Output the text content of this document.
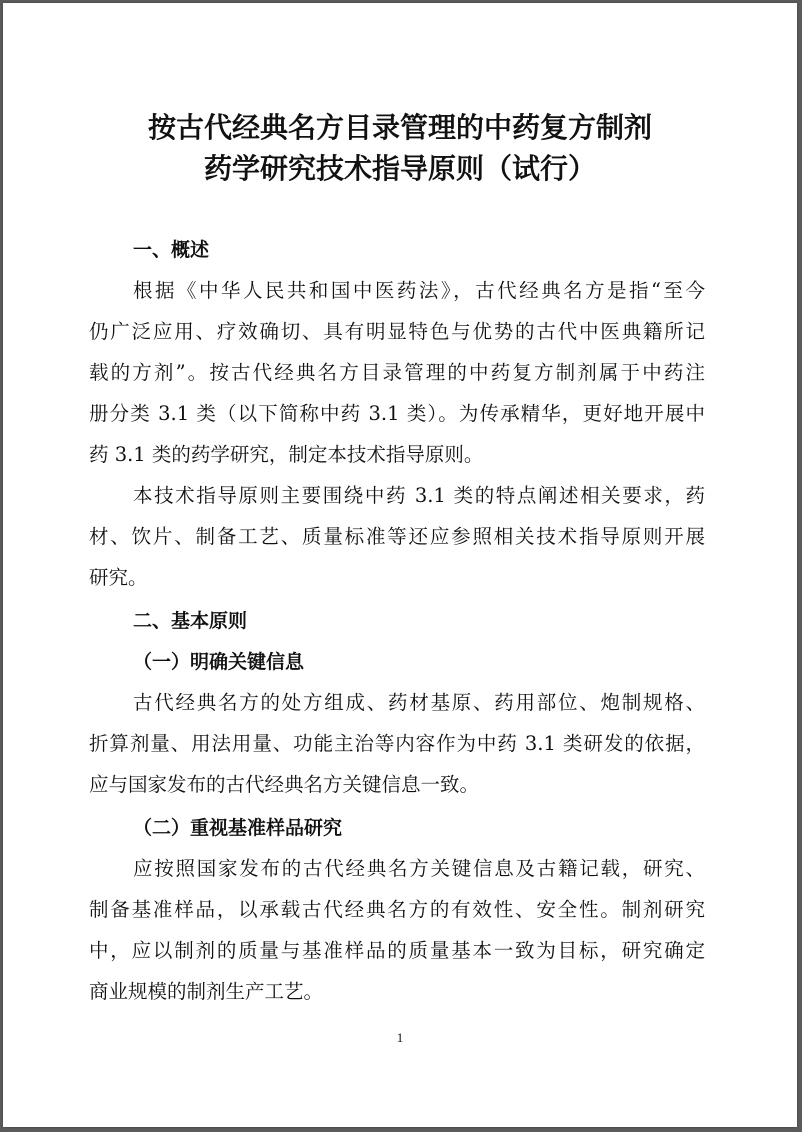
按古代经典名方目录管理的中药复方制剂
药学研究技术指导原则（试行）
一、概述
根据《中华人民共和国中医药法》，古代经典名方是指“至今
仍广泛应用、疗效确切、具有明显特色与优势的古代中医典籍所记
载的方剂”。按古代经典名方目录管理的中药复方制剂属于中药注
册分类 3.1 类（以下简称中药 3.1 类）。为传承精华，更好地开展中
药 3.1 类的药学研究，制定本技术指导原则。
本技术指导原则主要围绕中药 3.1 类的特点阐述相关要求，药
材、饮片、制备工艺、质量标准等还应参照相关技术指导原则开展
研究。
二、基本原则
（一）明确关键信息
古代经典名方的处方组成、药材基原、药用部位、炮制规格、
折算剂量、用法用量、功能主治等内容作为中药 3.1 类研发的依据，
应与国家发布的古代经典名方关键信息一致。
（二）重视基准样品研究
应按照国家发布的古代经典名方关键信息及古籍记载，研究、
制备基准样品，以承载古代经典名方的有效性、安全性。制剂研究
中，应以制剂的质量与基准样品的质量基本一致为目标，研究确定
商业规模的制剂生产工艺。
1
